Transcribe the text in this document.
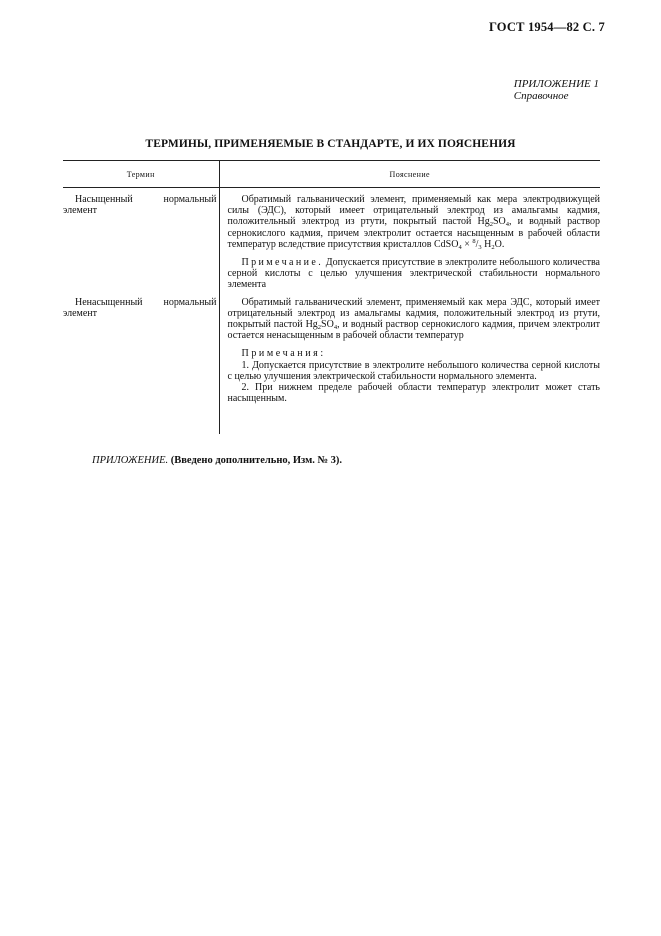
ГОСТ 1954—82 С. 7
ПРИЛОЖЕНИЕ 1
Справочное
ТЕРМИНЫ, ПРИМЕНЯЕМЫЕ В СТАНДАРТЕ, И ИХ ПОЯСНЕНИЯ
Термин	Пояснение

Насыщенный нормальный элемент	Обратимый гальванический элемент, применяемый как мера электродвижущей силы (ЭДС), который имеет отрицательный электрод из амальгамы кадмия, положительный электрод из ртути, покрытый пастой $Hg_2SO_4$, и водный раствор сернокислого кадмия, причем электролит остается насыщенным в рабочей области температур вследствие присутствия кристаллов CdSO$_4$ × $^8/_3$ $H_2O$.

Примечание. Допускается присутствие в электролите небольшого количества серной кислоты с целью улучшения электрической стабильности нормального элемента

Ненасыщенный нормальный элемент	Обратимый гальванический элемент, применяемый как мера ЭДС, который имеет отрицательный электрод из амальгамы кадмия, положительный электрод из ртути, покрытый пастой $Hg_2SO_4$, и водный раствор сернокислого кадмия, причем электролит остается ненасыщенным в рабочей области температур

Примечания:

1. Допускается присутствие в электролите небольшого количества серной кислоты с целью улучшения электрической стабильности нормального элемента.

2. При нижнем пределе рабочей области температур электролит может стать насыщенным.

ПРИЛОЖЕНИЕ. (Введено дополнительно, Изм. № 3).
